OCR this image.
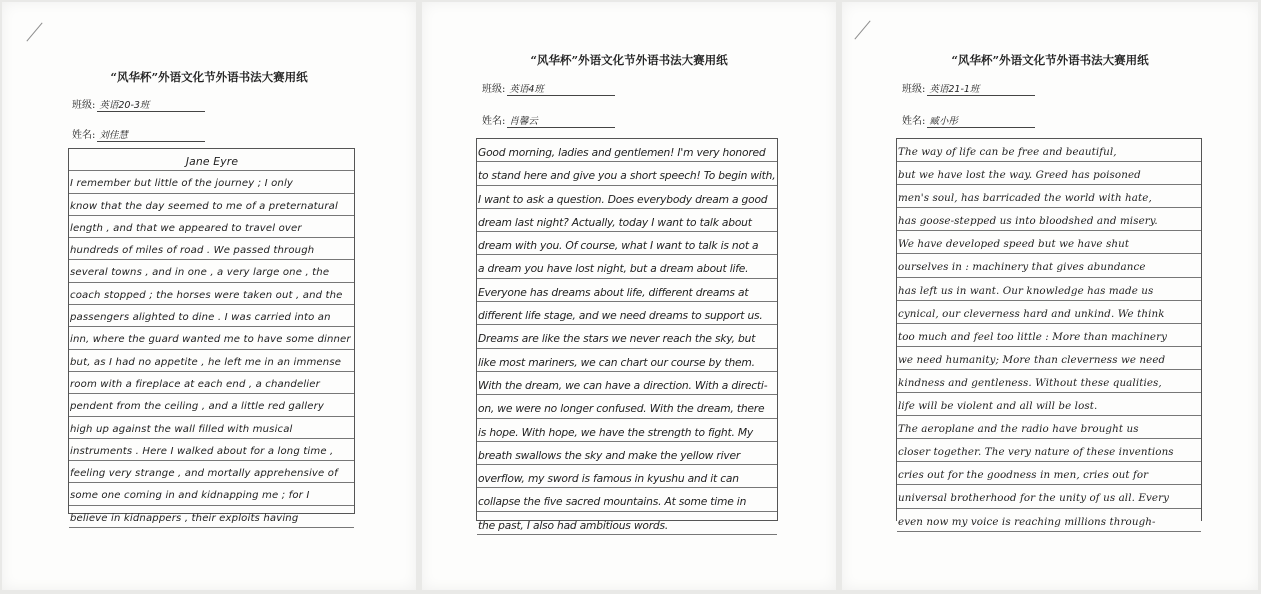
“风华杯”外语文化节外语书法大赛用纸
班级: 英语20-3班
姓名: 刘佳慧
Jane Eyre
I remember but little of the journey ; I only
know that the day seemed to me of a preternatural
length , and that we appeared to travel over
hundreds of miles of road . We passed through
several towns , and in one , a very large one , the
coach stopped ; the horses were taken out , and the
passengers alighted to dine . I was carried into an
inn, where the guard wanted me to have some dinner
but, as I had no appetite , he left me in an immense
room with a fireplace at each end , a chandelier
pendent from the ceiling , and a little red gallery
high up against the wall filled with musical
instruments . Here I walked about for a long time ,
feeling very strange , and mortally apprehensive of
some one coming in and kidnapping me ; for I
believe in kidnappers , their exploits having
“风华杯”外语文化节外语书法大赛用纸
班级: 英语4班
姓名: 肖馨云
Good morning, ladies and gentlemen! I'm very honored
to stand here and give you a short speech! To begin with,
I want to ask a question. Does everybody dream a good
dream last night? Actually, today I want to talk about
dream with you. Of course, what I want to talk is not a
a dream you have lost night, but a dream about life.
Everyone has dreams about life, different dreams at
different life stage, and we need dreams to support us.
Dreams are like the stars we never reach the sky, but
like most mariners, we can chart our course by them.
With the dream, we can have a direction. With a directi-
on, we were no longer confused. With the dream, there
is hope. With hope, we have the strength to fight. My
breath swallows the sky and make the yellow river
overflow, my sword is famous in kyushu and it can
collapse the five sacred mountains. At some time in
the past, I also had ambitious words.
“风华杯”外语文化节外语书法大赛用纸
班级: 英语21-1班
姓名: 臧小彤
The way of life can be free and beautiful,
but we have lost the way. Greed has poisoned
men's soul, has barricaded the world with hate,
has goose-stepped us into bloodshed and misery.
We have developed speed but we have shut
ourselves in : machinery that gives abundance
has left us in want. Our knowledge has made us
cynical, our cleverness hard and unkind. We think
too much and feel too little : More than machinery
we need humanity; More than cleverness we need
kindness and gentleness. Without these qualities,
life will be violent and all will be lost.
The aeroplane and the radio have brought us
closer together. The very nature of these inventions
cries out for the goodness in men, cries out for
universal brotherhood for the unity of us all. Every
even now my voice is reaching millions through-
